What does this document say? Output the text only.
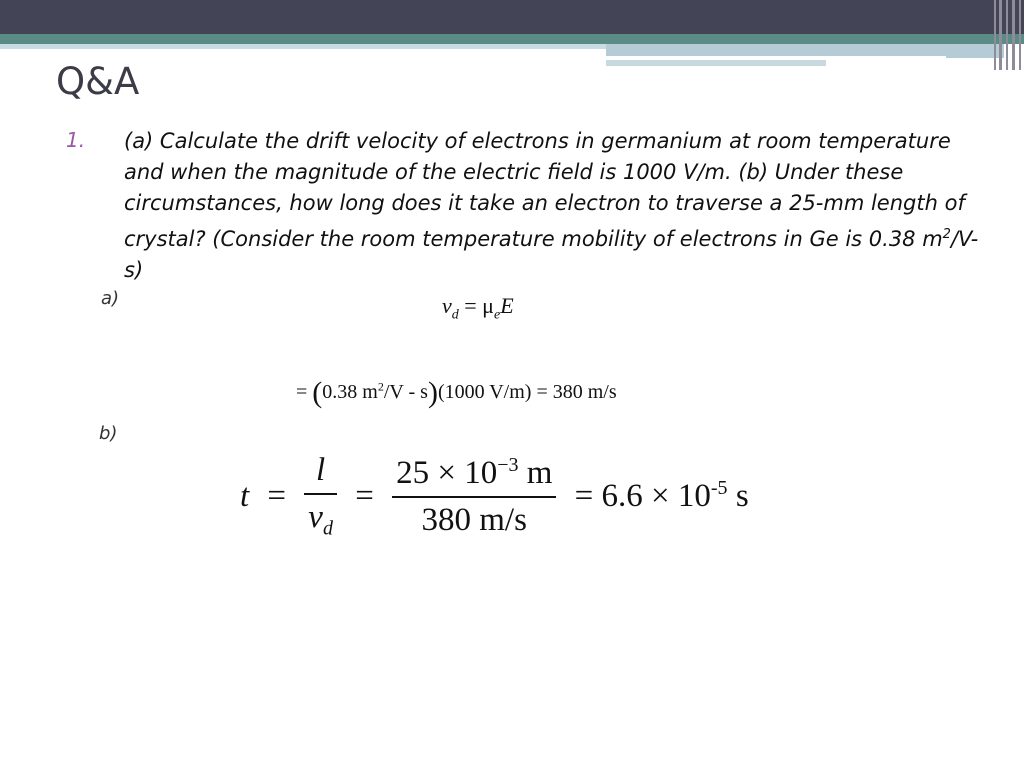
Q&A
1. (a) Calculate the drift velocity of electrons in germanium at room temperature and when the magnitude of the electric field is 1000 V/m. (b) Under these circumstances, how long does it take an electron to traverse a 25-mm length of crystal? (Consider the room temperature mobility of electrons in Ge is 0.38 $m^2/V-s$)
a)	$v_d = \mu_eE$
= (0.38 $m^2/V - s)(1000$ V/m) = 380 m/s
b)
$t = \frac{l}{v_d} = \frac{25 \times 10^{-3} m}{380 m/s} = 6.6 \times 10^{-5}$ s
